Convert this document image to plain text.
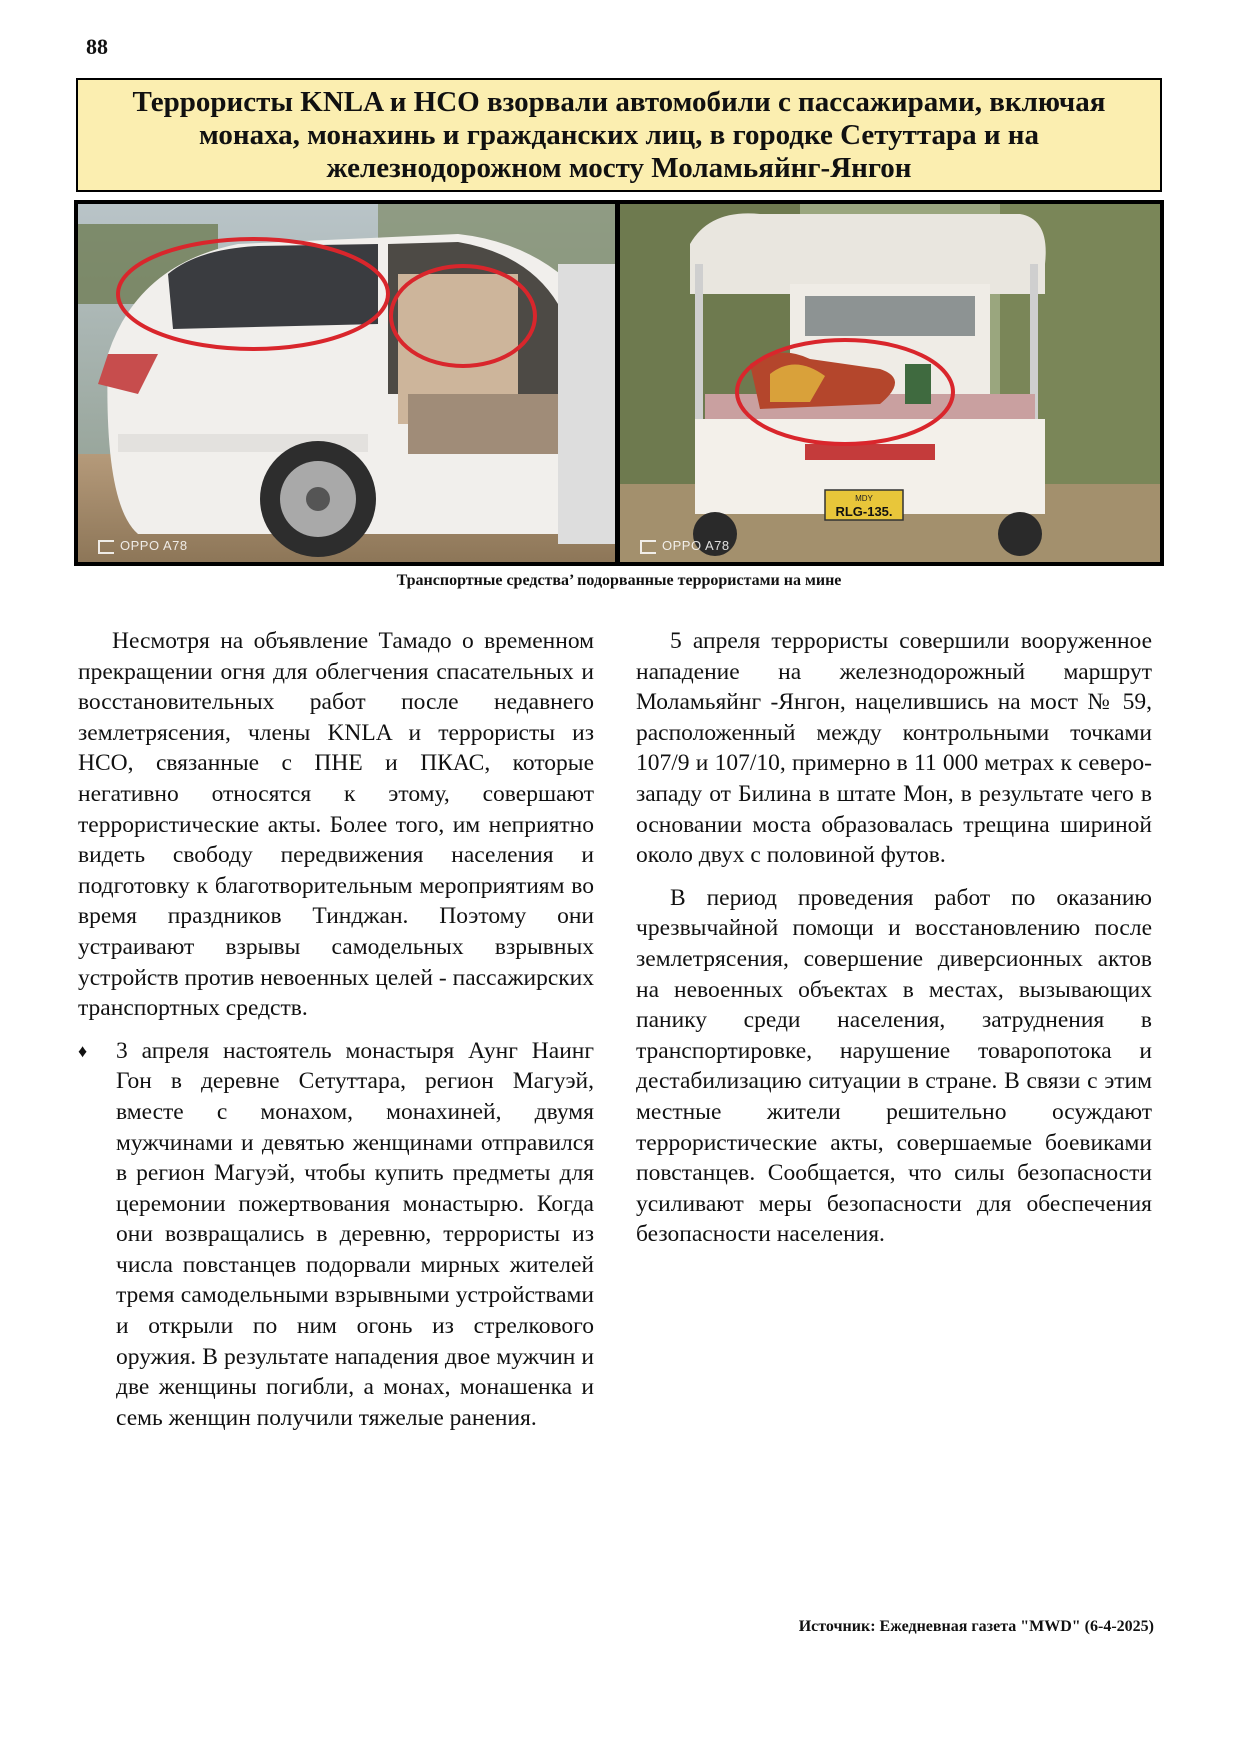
88
Террористы KNLA и НСО взорвали автомобили с пассажирами, включая монаха, монахинь и гражданских лиц, в городке Сетуттара и на железнодорожном мосту Моламьяйнг-Янгон
OPPO A78
MDY
RLG-135.
OPPO A78
Транспортные средства’ подорванные террористами на мине

Несмотря на объявление Тамадо о временном прекращении огня для облегчения спасательных и восстановительных работ после недавнего землетрясения, члены KNLA и террористы из НСО, связанные с ПНЕ и ПКАС, которые негативно относятся к этому, совершают террористические акты. Более того, им неприятно видеть свободу передвижения населения и подготовку к благотворительным мероприятиям во время праздников Тинджан. Поэтому они устраивают взрывы самодельных взрывных устройств против невоенных целей - пассажирских транспортных средств.

♦ 3 апреля настоятель монастыря Аунг Наинг Гон в деревне Сетуттара, регион Магуэй, вместе с монахом, монахиней, двумя мужчинами и девятью женщинами отправился в регион Магуэй, чтобы купить предметы для церемонии пожертвования монастырю. Когда они возвращались в деревню, террористы из числа повстанцев подорвали мирных жителей тремя самодельными взрывными устройствами и открыли по ним огонь из стрелкового оружия. В результате нападения двое мужчин и две женщины погибли, а монах, монашенка и семь женщин получили тяжелые ранения.

5 апреля террористы совершили вооруженное нападение на железнодорожный маршрут Моламьяйнг -Янгон, нацелившись на мост № 59, расположенный между контрольными точками 107/9 и 107/10, примерно в 11 000 метрах к северо-западу от Билина в штате Мон, в результате чего в основании моста образовалась трещина шириной около двух с половиной футов.

В период проведения работ по оказанию чрезвычайной помощи и восстановлению после землетрясения, совершение диверсионных актов на невоенных объектах в местах, вызывающих панику среди населения, затруднения в транспортировке, нарушение товаропотока и дестабилизацию ситуации в стране. В связи с этим местные жители решительно осуждают террористические акты, совершаемые боевиками повстанцев. Сообщается, что силы безопасности усиливают меры безопасности для обеспечения безопасности населения.

Источник: Ежедневная газета "MWD" (6-4-2025)
